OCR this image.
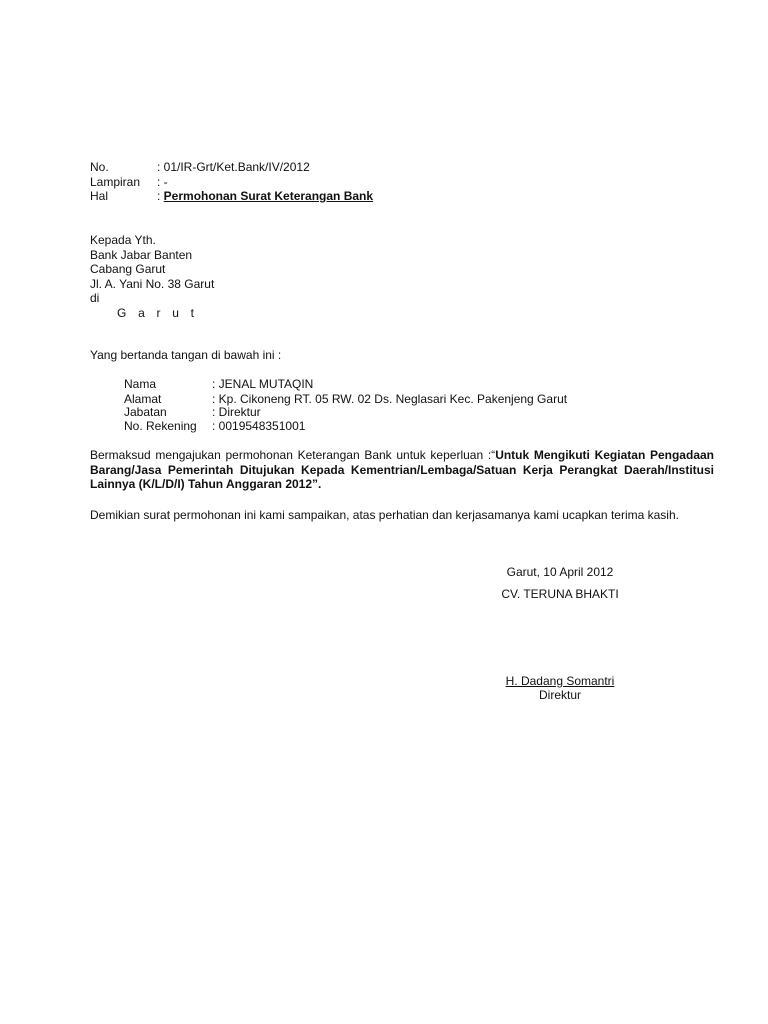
No.	: 01/IR-Grt/Ket.Bank/IV/2012
Lampiran : -
Hal	: Permohonan Surat Keterangan Bank
Kepada Yth.
Bank Jabar Banten
Cabang Garut
Jl. A. Yani No. 38 Garut
di
G a r u t
Yang bertanda tangan di bawah ini :
Nama	: JENAL MUTAQIN
Alamat	: Kp. Cikoneng RT. 05 RW. 02 Ds. Neglasari Kec. Pakenjeng Garut
Jabatan	: Direktur
No. Rekening : 0019548351001
Bermaksud mengajukan permohonan Keterangan Bank untuk keperluan :“Untuk Mengikuti Kegiatan Pengadaan Barang/Jasa Pemerintah Ditujukan Kepada Kementrian/Lembaga/Satuan Kerja Perangkat Daerah/Institusi Lainnya (K/L/D/I) Tahun Anggaran 2012”.
Demikian surat permohonan ini kami sampaikan, atas perhatian dan kerjasamanya kami ucapkan terima kasih.
Garut, 10 April 2012
CV. TERUNA BHAKTI
H. Dadang Somantri
Direktur
